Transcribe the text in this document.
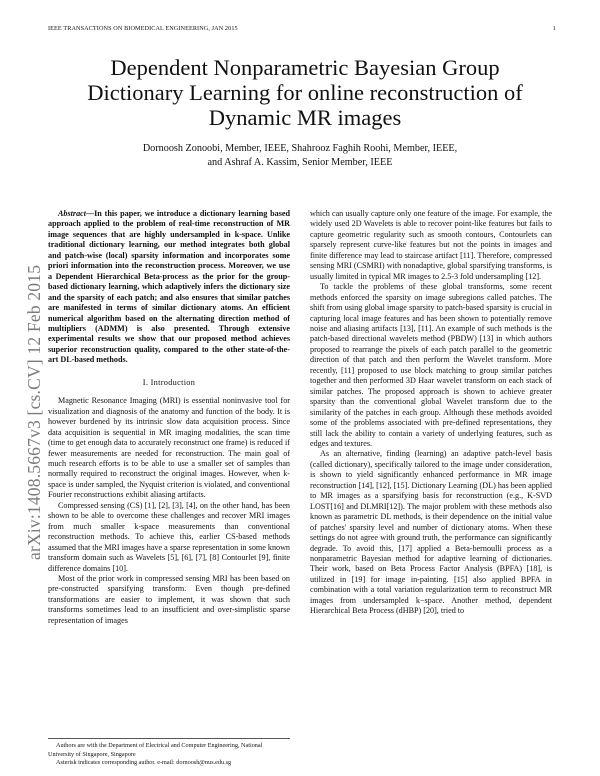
IEEE TRANSACTIONS ON BIOMEDICAL ENGINEERING, JAN 2015	1
arXiv:1408.5667v3 [cs.CV] 12 Feb 2015
Dependent Nonparametric Bayesian Group Dictionary Learning for online reconstruction of Dynamic MR images
Dornoosh Zonoobi, Member, IEEE, Shahrooz Faghih Roohi, Member, IEEE,
and Ashraf A. Kassim, Senior Member, IEEE

Abstract—In this paper, we introduce a dictionary learning based approach applied to the problem of real-time reconstruction of MR image sequences that are highly undersampled in k-space. Unlike traditional dictionary learning, our method integrates both global and patch-wise (local) sparsity information and incorporates some priori information into the reconstruction process. Moreover, we use a Dependent Hierarchical Beta-process as the prior for the group-based dictionary learning, which adaptively infers the dictionary size and the sparsity of each patch; and also ensures that similar patches are manifested in terms of similar dictionary atoms. An efficient numerical algorithm based on the alternating direction method of multipliers (ADMM) is also presented. Through extensive experimental results we show that our proposed method achieves superior reconstruction quality, compared to the other state-of-the- art DL-based methods.

I. Introduction

Magnetic Resonance Imaging (MRI) is essential noninvasive tool for visualization and diagnosis of the anatomy and function of the body. It is however burdened by its intrinsic slow data acquisition process. Since data acquisition is sequential in MR imaging modalities, the scan time (time to get enough data to accurately reconstruct one frame) is reduced if fewer measurements are needed for reconstruction. The main goal of much research efforts is to be able to use a smaller set of samples than normally required to reconstruct the original images. However, when k-space is under sampled, the Nyquist criterion is violated, and conventional Fourier reconstructions exhibit aliasing artifacts.

Compressed sensing (CS) [1], [2], [3], [4], on the other hand, has been shown to be able to overcome these challenges and recover MRI images from much smaller k-space measurements than conventional reconstruction methods. To achieve this, earlier CS-based methods assumed that the MRI images have a sparse representation in some known transform domain such as Wavelets [5], [6], [7], [8] Contourlet [9], finite difference domains [10].

Most of the prior work in compressed sensing MRI has been based on pre-constructed sparsifying transform. Even though pre-defined transformations are easier to implement, it was shown that such transforms sometimes lead to an insufficient and over-simplistic sparse representation of images

which can usually capture only one feature of the image. For example, the widely used 2D Wavelets is able to recover point-like features but fails to capture geometric regularity such as smooth contours, Contourlets can sparsely represent curve-like features but not the points in images and finite difference may lead to staircase artifact [11]. Therefore, compressed sensing MRI (CSMRI) with nonadaptive, global sparsifying transforms, is usually limited in typical MR images to 2.5-3 fold undersampling [12].

To tackle the problems of these global transforms, some recent methods enforced the sparsity on image subregions called patches. The shift from using global image sparsity to patch-based sparsity is crucial in capturing local image features and has been shown to potentially remove noise and aliasing artifacts [13], [11]. An example of such methods is the patch-based directional wavelets method (PBDW) [13] in which authors proposed to rearrange the pixels of each patch parallel to the geometric direction of that patch and then perform the Wavelet transform. More recently, [11] proposed to use block matching to group similar patches together and then performed 3D Haar wavelet transform on each stack of similar patches. The proposed approach is shown to achieve greater sparsity than the conventional global Wavelet transform due to the similarity of the patches in each group. Although these methods avoided some of the problems associated with pre-defined representations, they still lack the ability to contain a variety of underlying features, such as edges and textures.

As an alternative, finding (learning) an adaptive patch-level basis (called dictionary), specifically tailored to the image under consideration, is shown to yield significantly enhanced performance in MR image reconstruction [14], [12], [15]. Dictionary Learning (DL) has been applied to MR images as a sparsifying basis for reconstruction (e.g., K-SVD LOST[16] and DLMRI[12]). The major problem with these methods also known as parametric DL methods, is their dependence on the initial value of patches' sparsity level and number of dictionary atoms. When these settings do not agree with ground truth, the performance can significantly degrade. To avoid this, [17] applied a Beta-bernoulli process as a nonparametric Bayesian method for adaptive learning of dictionaries. Their work, based on Beta Process Factor Analysis (BPFA) [18], is utilized in [19] for image in-painting. [15] also applied BPFA in combination with a total variation regularization term to reconstruct MR images from undersampled k−space. Another method, dependent Hierarchical Beta Process (dHBP) [20], tried to

Authors are with the Department of Electrical and Computer Engineering, National University of Singapore, Singapore

Asterisk indicates corresponding author. e-mail: dornoosh@nus.edu.sg
